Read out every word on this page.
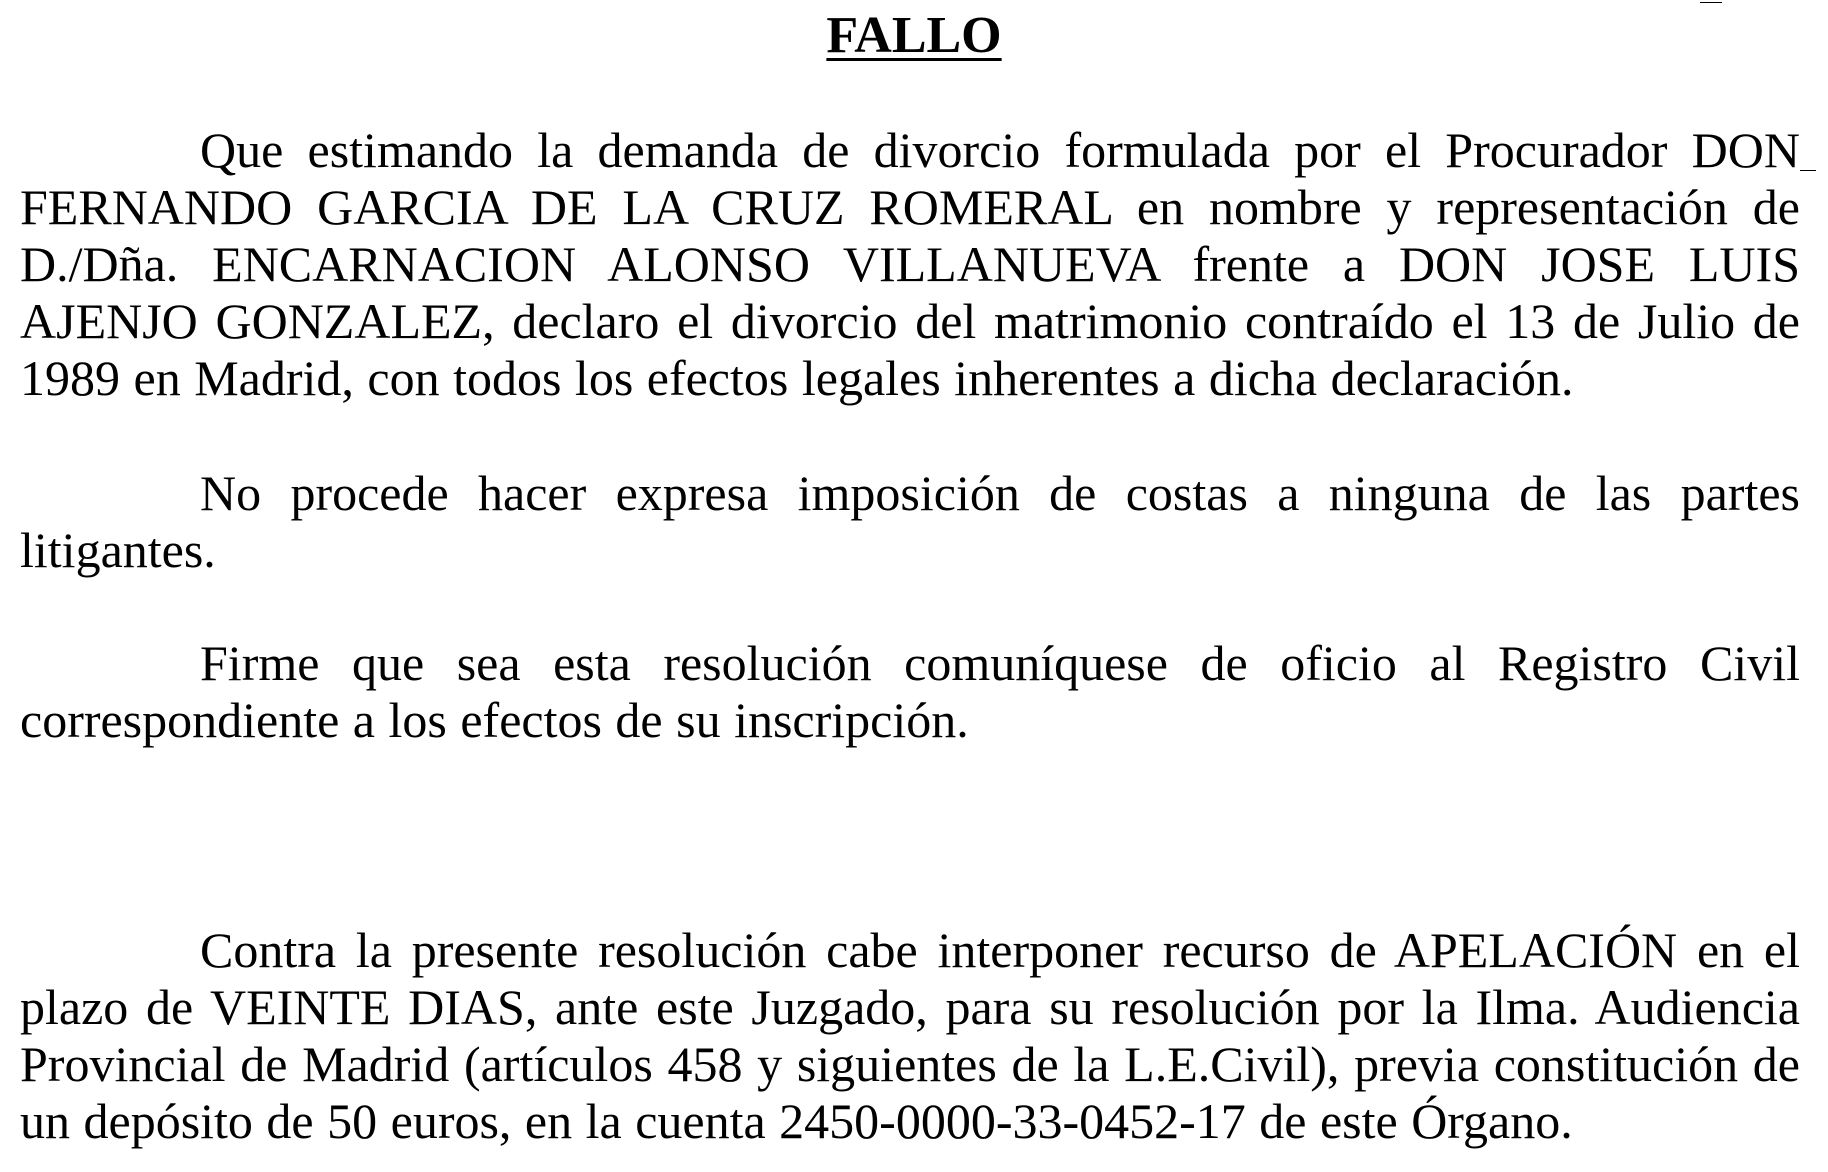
FALLO

Que estimando la demanda de divorcio formulada por el Procurador DON FERNANDO GARCIA DE LA CRUZ ROMERAL en nombre y representación de D./Dña. ENCARNACION ALONSO VILLANUEVA frente a DON JOSE LUIS AJENJO GONZALEZ, declaro el divorcio del matrimonio contraído el 13 de Julio de 1989 en Madrid, con todos los efectos legales inherentes a dicha declaración.

No procede hacer expresa imposición de costas a ninguna de las partes litigantes.

Firme que sea esta resolución comuníquese de oficio al Registro Civil correspondiente a los efectos de su inscripción.

Contra la presente resolución cabe interponer recurso de APELACIÓN en el plazo de VEINTE DIAS, ante este Juzgado, para su resolución por la Ilma. Audiencia Provincial de Madrid (artículos 458 y siguientes de la L.E.Civil), previa constitución de un depósito de 50 euros, en la cuenta 2450-0000-33-0452-17 de este Órgano.
